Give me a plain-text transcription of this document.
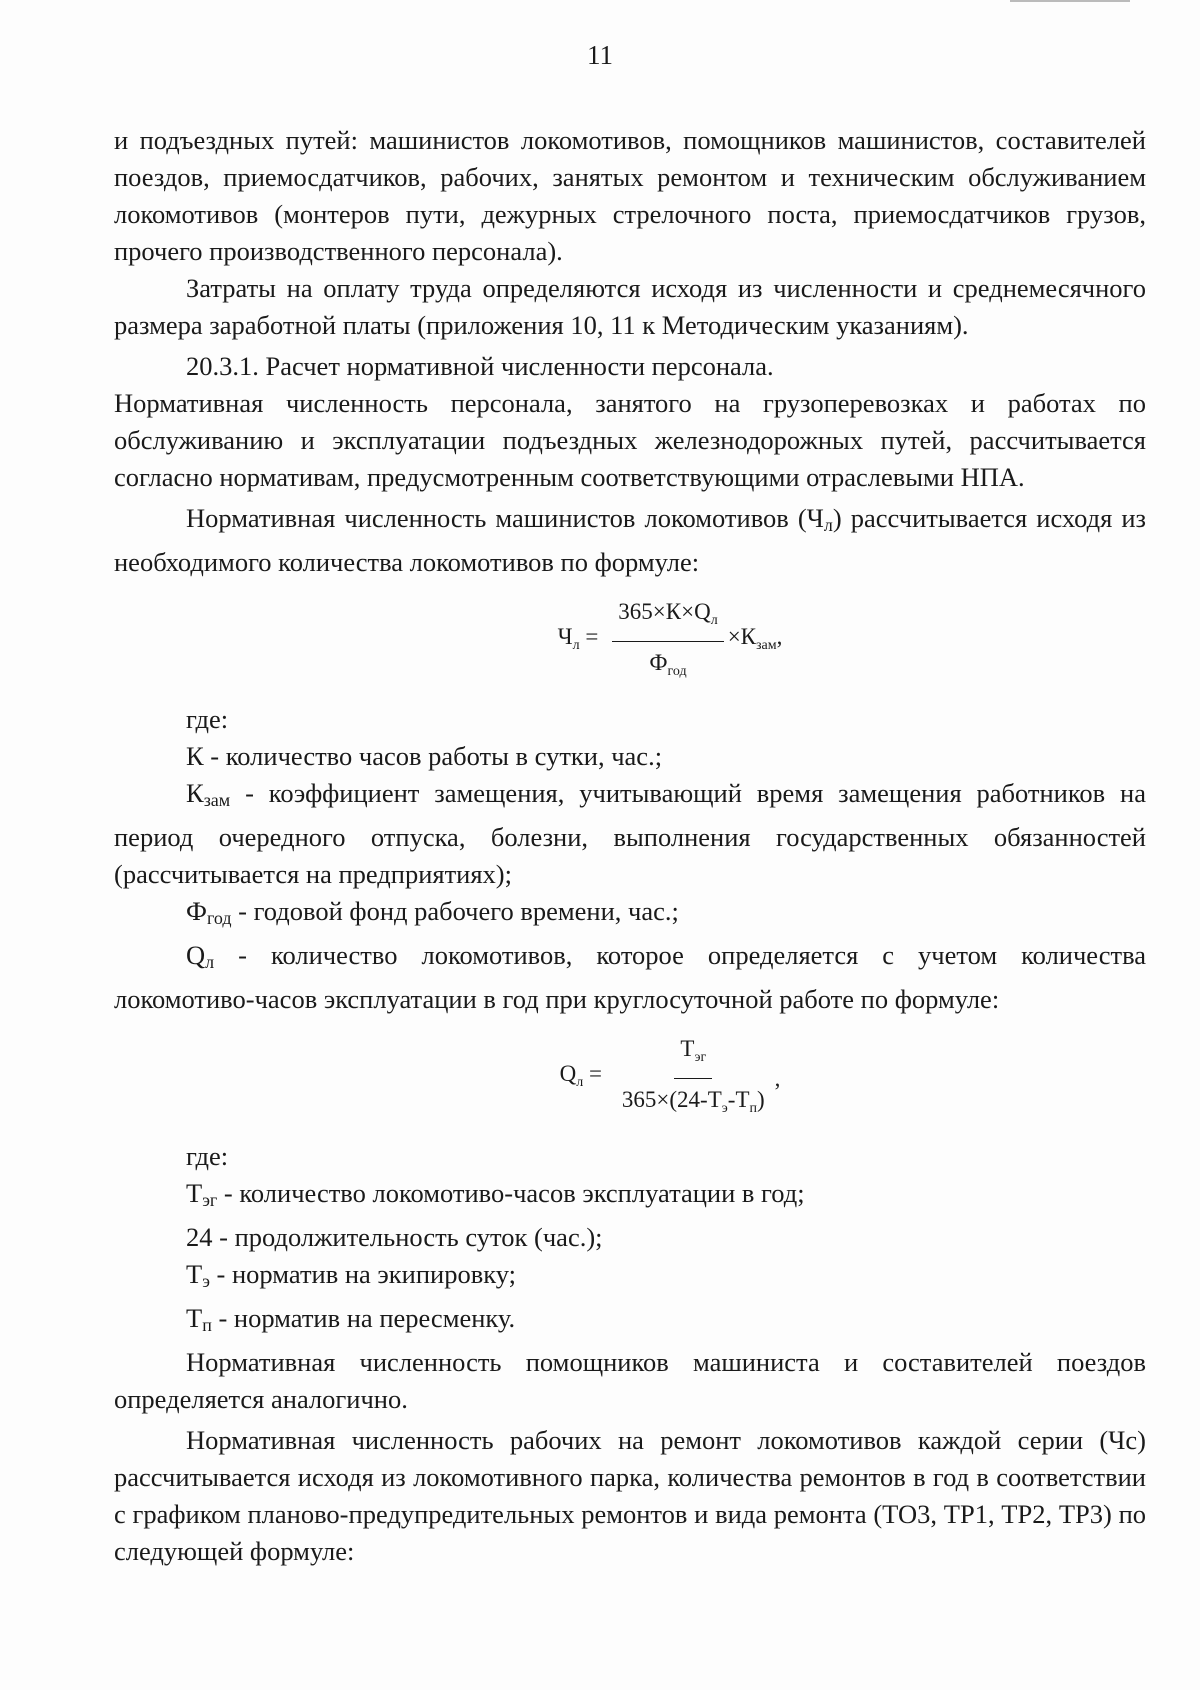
11

и подъездных путей: машинистов локомотивов, помощников машинистов, составителей поездов, приемосдатчиков, рабочих, занятых ремонтом и техническим обслуживанием локомотивов (монтеров пути, дежурных стрелочного поста, приемосдатчиков грузов, прочего производственного персонала).

Затраты на оплату труда определяются исходя из численности и среднемесячного размера заработной платы (приложения 10, 11 к Методическим указаниям).

20.3.1. Расчет нормативной численности персонала.

Нормативная численность персонала, занятого на грузоперевозках и работах по обслуживанию и эксплуатации подъездных железнодорожных путей, рассчитывается согласно нормативам, предусмотренным соответствующими отраслевыми НПА.

Нормативная численность машинистов локомотивов (Чл) рассчитывается исходя из необходимого количества локомотивов по формуле:

$Ч_л = \frac{365\times К\times Q_л}{Ф_{год}} \times К_{зам}$,

где:

К - количество часов работы в сутки, час.;

Кзам - коэффициент замещения, учитывающий время замещения работников на период очередного отпуска, болезни, выполнения государственных обязанностей (рассчитывается на предприятиях);

Фгод - годовой фонд рабочего времени, час.;

Qл - количество локомотивов, которое определяется с учетом количества локомотиво-часов эксплуатации в год при круглосуточной работе по формуле:

$Q_л = \frac{Т_{эг}}{365\times(24-Т_э-Т_п)}$ ,

где:

Тэг - количество локомотиво-часов эксплуатации в год;

24 - продолжительность суток (час.);

Тэ - норматив на экипировку;

Тп - норматив на пересменку.

Нормативная численность помощников машиниста и составителей поездов определяется аналогично.

Нормативная численность рабочих на ремонт локомотивов каждой серии (Чс) рассчитывается исходя из локомотивного парка, количества ремонтов в год в соответствии с графиком планово-предупредительных ремонтов и вида ремонта (ТО3, ТР1, ТР2, ТР3) по следующей формуле:
